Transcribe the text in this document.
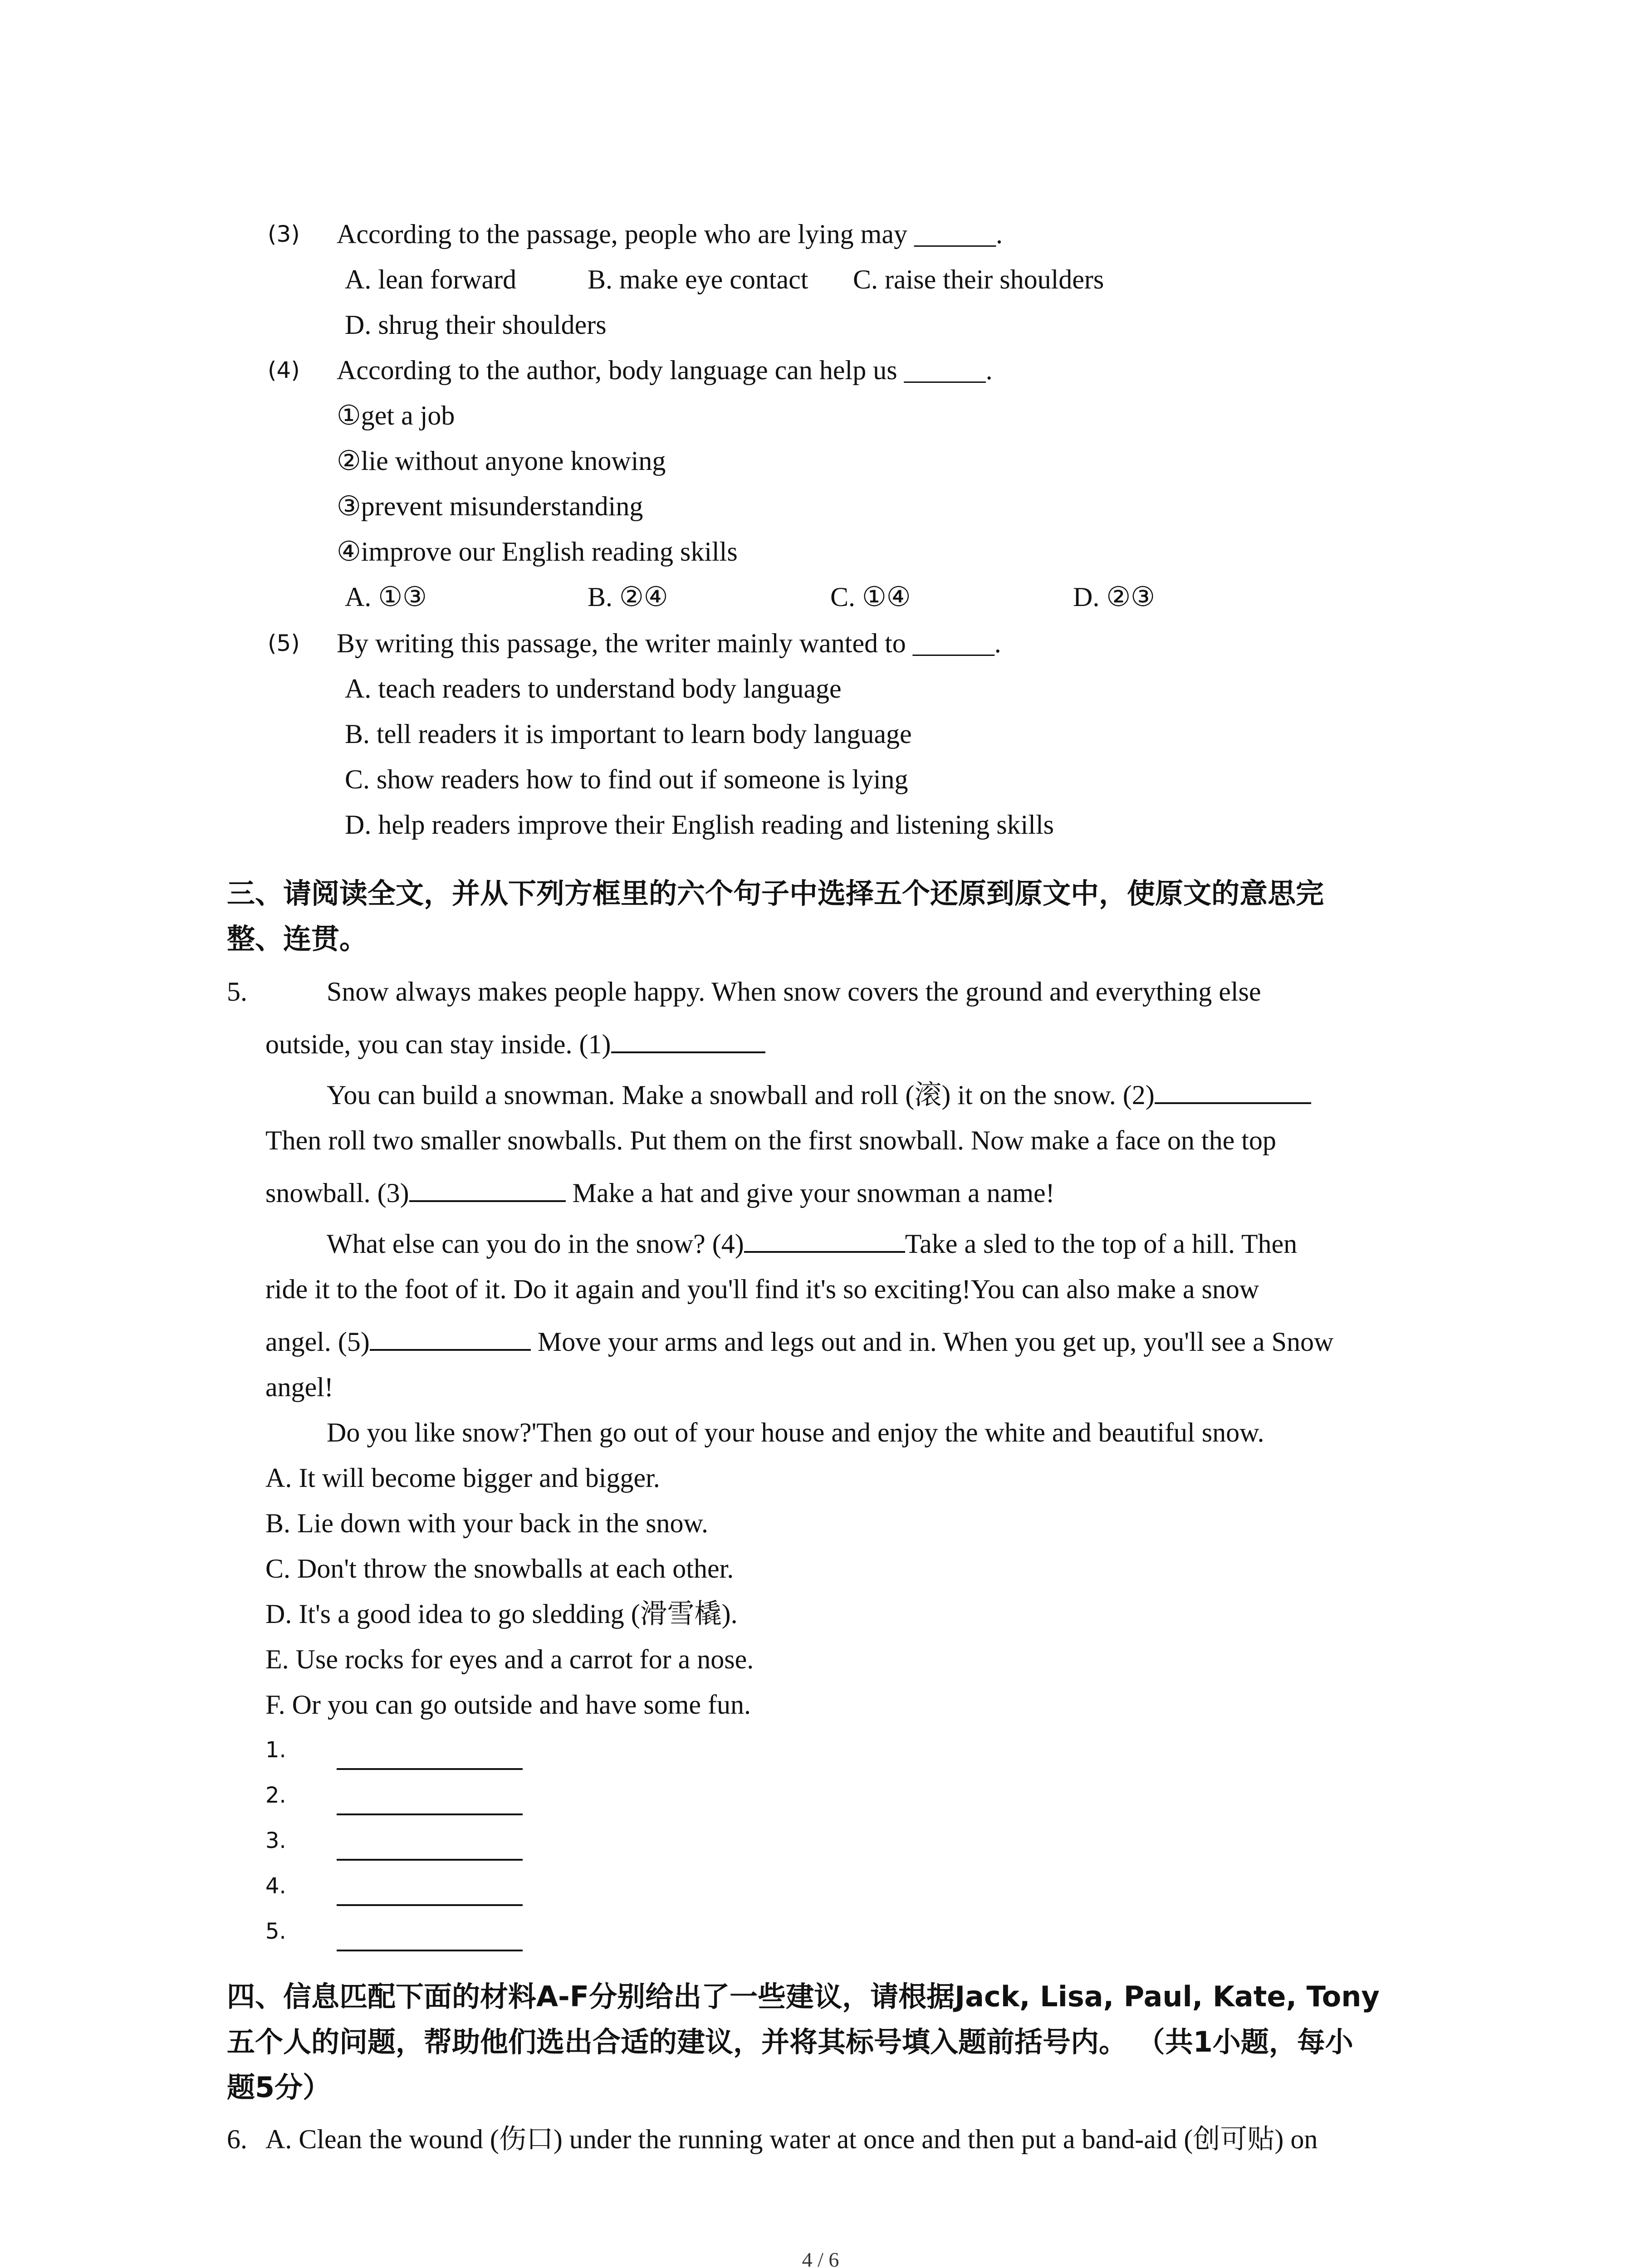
(3) According to the passage, people who are lying may ______.
A. lean forward	B. make eye contact C. raise their shoulders
D. shrug their shoulders
(4) According to the author, body language can help us ______.
①get a job
②lie without anyone knowing
③prevent misunderstanding
④improve our English reading skills
A. ①③	B. ②④	C. ①④	D. ②③
(5) By writing this passage, the writer mainly wanted to ______.
A. teach readers to understand body language
B. tell readers it is important to learn body language
C. show readers how to find out if someone is lying
D. help readers improve their English reading and listening skills
三、请阅读全文，并从下列方框里的六个句子中选择五个还原到原文中，使原文的意思完
整、连贯。
5.	Snow always makes people happy. When snow covers the ground and everything else
outside, you can stay inside. (1)
You can build a snowman. Make a snowball and roll (滚) it on the snow. (2)
Then roll two smaller snowballs. Put them on the first snowball. Now make a face on the top
snowball. (3)	Make a hat and give your snowman a name!
What else can you do in the snow? (4)	Take a sled to the top of a hill. Then
ride it to the foot of it. Do it again and you'll find it's so exciting!You can also make a snow
angel. (5)	Move your arms and legs out and in. When you get up, you'll see a Snow
angel!
Do you like snow?'Then go out of your house and enjoy the white and beautiful snow.
A. It will become bigger and bigger.
B. Lie down with your back in the snow.
C. Don't throw the snowballs at each other.
D. It's a good idea to go sledding (滑雪橇).
E. Use rocks for eyes and a carrot for a nose.
F. Or you can go outside and have some fun.
1.
2.
3.
4.
5.
四、信息匹配下面的材料A-F分别给出了一些建议，请根据Jack, Lisa, Paul, Kate, Tony
五个人的问题，帮助他们选出合适的建议，并将其标号填入题前括号内。 （共1小题，每小
题5分）
6. A. Clean the wound (伤口) under the running water at once and then put a band-aid (创可贴) on
4 / 6
